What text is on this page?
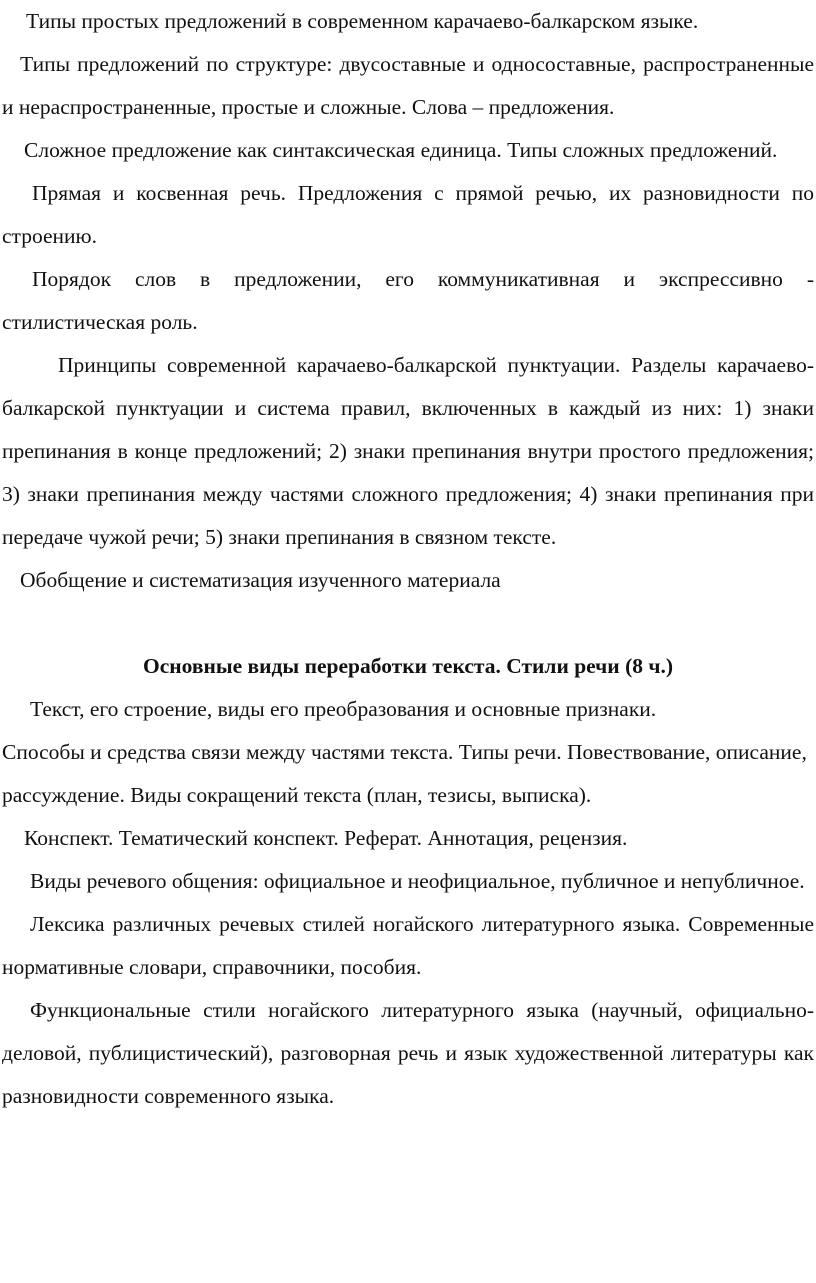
Типы простых предложений в современном карачаево-балкарском языке.

Типы предложений по структуре: двусоставные и односоставные, распространенные и нераспространенные, простые и сложные. Слова – предложения.

Сложное предложение как синтаксическая единица. Типы сложных предложений.

Прямая и косвенная речь. Предложения с прямой речью, их разновидности по строению.

Порядок слов в предложении, его коммуникативная и экспрессивно - стилистическая роль.

Принципы современной карачаево-балкарской пунктуации. Разделы карачаево-балкарской пунктуации и система правил, включенных в каждый из них: 1) знаки препинания в конце предложений; 2) знаки препинания внутри простого предложения; 3) знаки препинания между частями сложного предложения; 4) знаки препинания при передаче чужой речи; 5) знаки препинания в связном тексте.

Обобщение и систематизация изученного материала

Основные виды переработки текста. Стили речи (8 ч.)

Текст, его строение, виды его преобразования и основные признаки.

Способы и средства связи между частями текста. Типы речи. Повествование, описание, рассуждение. Виды сокращений текста (план, тезисы, выписка).

Конспект. Тематический конспект. Реферат. Аннотация, рецензия.

Виды речевого общения: официальное и неофициальное, публичное и непубличное.

Лексика различных речевых стилей ногайского литературного языка. Современные нормативные словари, справочники, пособия.

Функциональные стили ногайского литературного языка (научный, официально-деловой, публицистический), разговорная речь и язык художественной литературы как разновидности современного языка.
